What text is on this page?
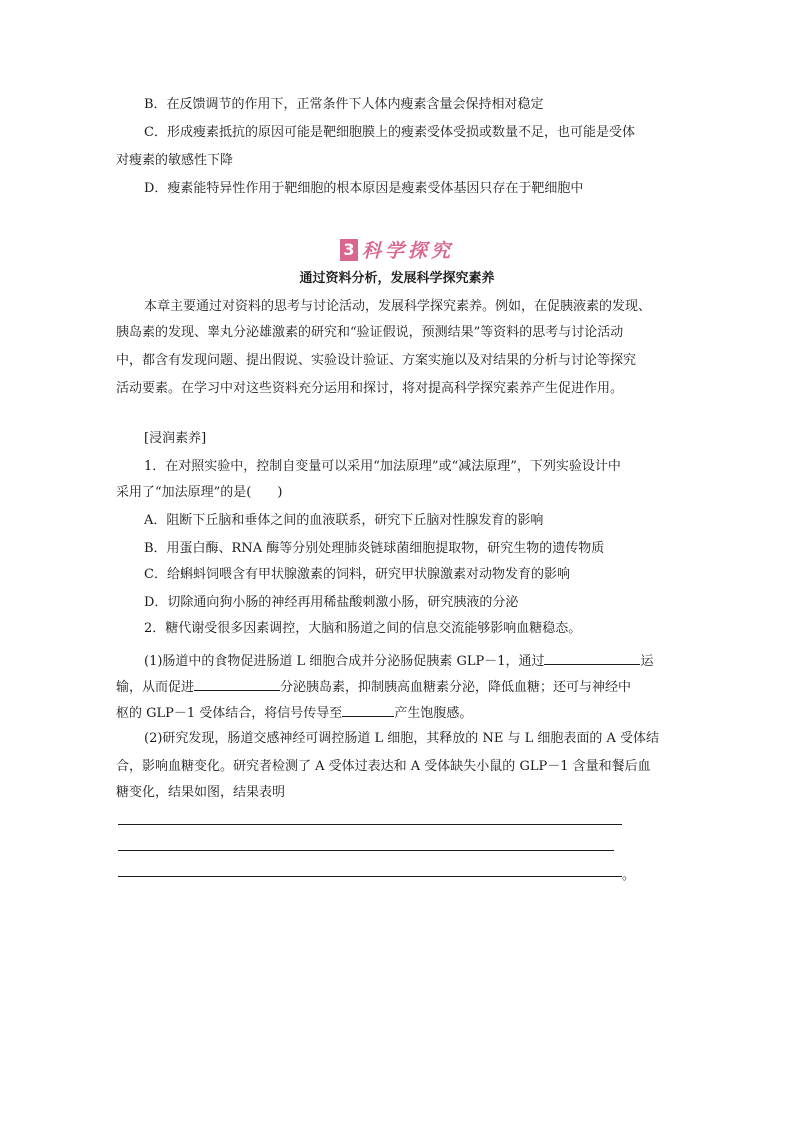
B．在反馈调节的作用下，正常条件下人体内瘦素含量会保持相对稳定
C．形成瘦素抵抗的原因可能是靶细胞膜上的瘦素受体受损或数量不足，也可能是受体
对瘦素的敏感性下降
D．瘦素能特异性作用于靶细胞的根本原因是瘦素受体基因只存在于靶细胞中
3 科学探究
通过资料分析，发展科学探究素养
本章主要通过对资料的思考与讨论活动，发展科学探究素养。例如，在促胰液素的发现、
胰岛素的发现、睾丸分泌雄激素的研究和“验证假说，预测结果”等资料的思考与讨论活动
中，都含有发现问题、提出假说、实验设计验证、方案实施以及对结果的分析与讨论等探究
活动要素。在学习中对这些资料充分运用和探讨，将对提高科学探究素养产生促进作用。
[浸润素养]
1．在对照实验中，控制自变量可以采用“加法原理”或“减法原理”，下列实验设计中
采用了“加法原理”的是(　　)
A．阻断下丘脑和垂体之间的血液联系，研究下丘脑对性腺发育的影响
B．用蛋白酶、RNA 酶等分别处理肺炎链球菌细胞提取物，研究生物的遗传物质
C．给蝌蚪饲喂含有甲状腺激素的饲料，研究甲状腺激素对动物发育的影响
D．切除通向狗小肠的神经再用稀盐酸刺激小肠，研究胰液的分泌
2．糖代谢受很多因素调控，大脑和肠道之间的信息交流能够影响血糖稳态。
(1)肠道中的食物促进肠道 L 细胞合成并分泌肠促胰素 GLP－1，通过	运
输，从而促进	分泌胰岛素，抑制胰高血糖素分泌，降低血糖；还可与神经中
枢的 GLP－1 受体结合，将信号传导至	产生饱腹感。
(2)研究发现，肠道交感神经可调控肠道 L 细胞，其释放的 NE 与 L 细胞表面的 A 受体结
合，影响血糖变化。研究者检测了 A 受体过表达和 A 受体缺失小鼠的 GLP－1 含量和餐后血
糖变化，结果如图，结果表明
。
